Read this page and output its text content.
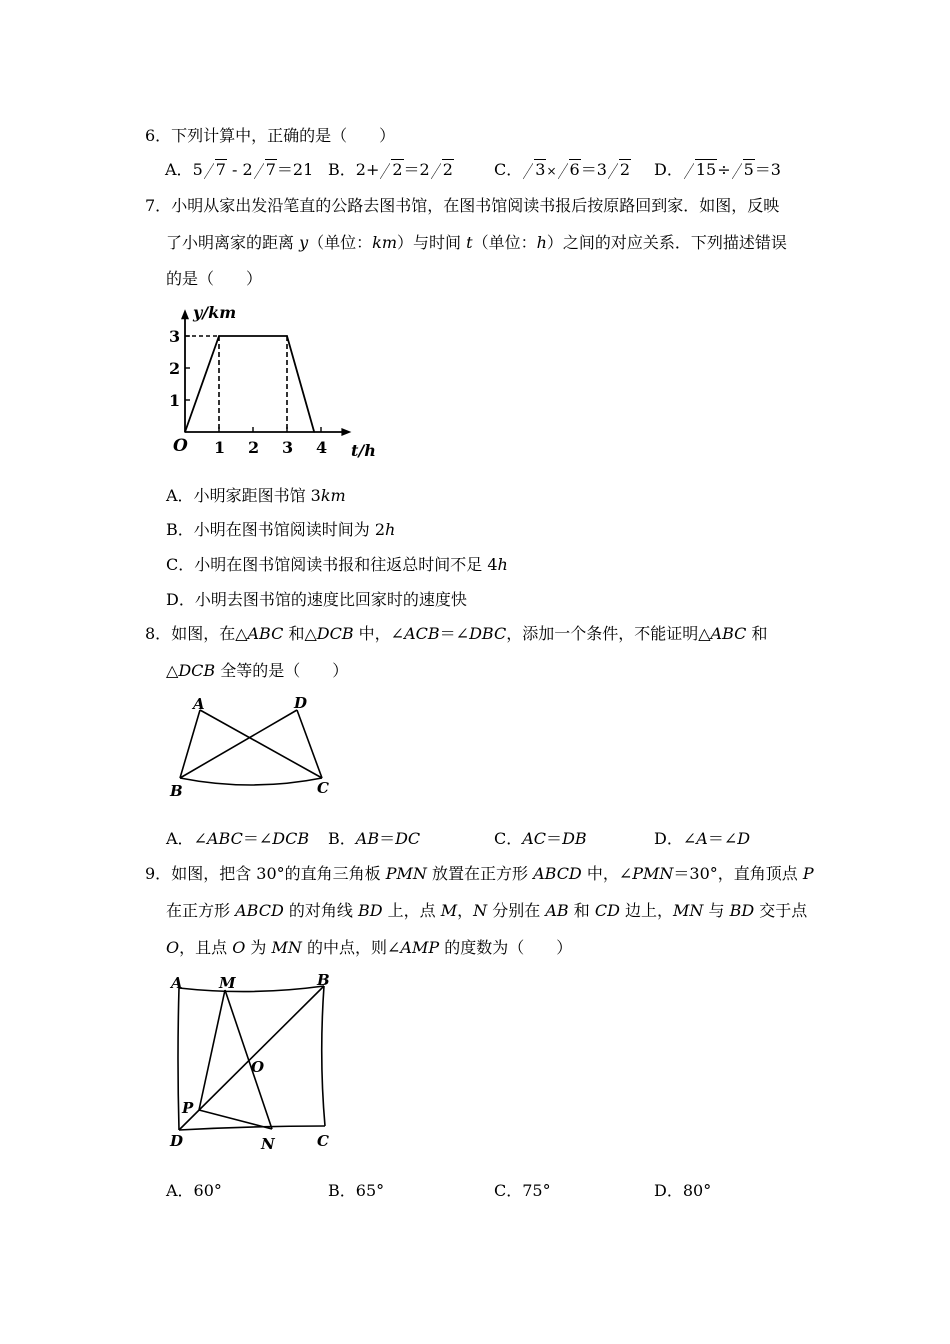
6．下列计算中，正确的是（　　）
A．5 7 - 2 7＝21 B．2+ 2＝2 2	C． 3× 6＝3 2 D． 15÷ 5＝3
7．小明从家出发沿笔直的公路去图书馆，在图书馆阅读书报后按原路回到家．如图，反映
了小明离家的距离 y（单位：km）与时间 t（单位：h）之间的对应关系．下列描述错误
的是（　　）
1 2 3 4
1
2
3
y/km
t/h
O
A．小明家距图书馆 3km
B．小明在图书馆阅读时间为 2h
C．小明在图书馆阅读书报和往返总时间不足 4h
D．小明去图书馆的速度比回家时的速度快
8．如图，在△ABC 和△DCB 中，∠ACB＝∠DBC，添加一个条件，不能证明△ABC 和
△DCB 全等的是（　　）
A	D
B	C
A．∠ABC＝∠DCB B．AB＝DC	C．AC＝DB	D．∠A＝∠D
9．如图，把含 30°的直角三角板 PMN 放置在正方形 ABCD 中，∠PMN＝30°，直角顶点 P
在正方形 ABCD 的对角线 BD 上，点 M，N 分别在 AB 和 CD 边上，MN 与 BD 交于点
O，且点 O 为 MN 的中点，则∠AMP 的度数为（　　）
A M	B
O
P
D	N	C
A．60°	B．65°	C．75°	D．80°
